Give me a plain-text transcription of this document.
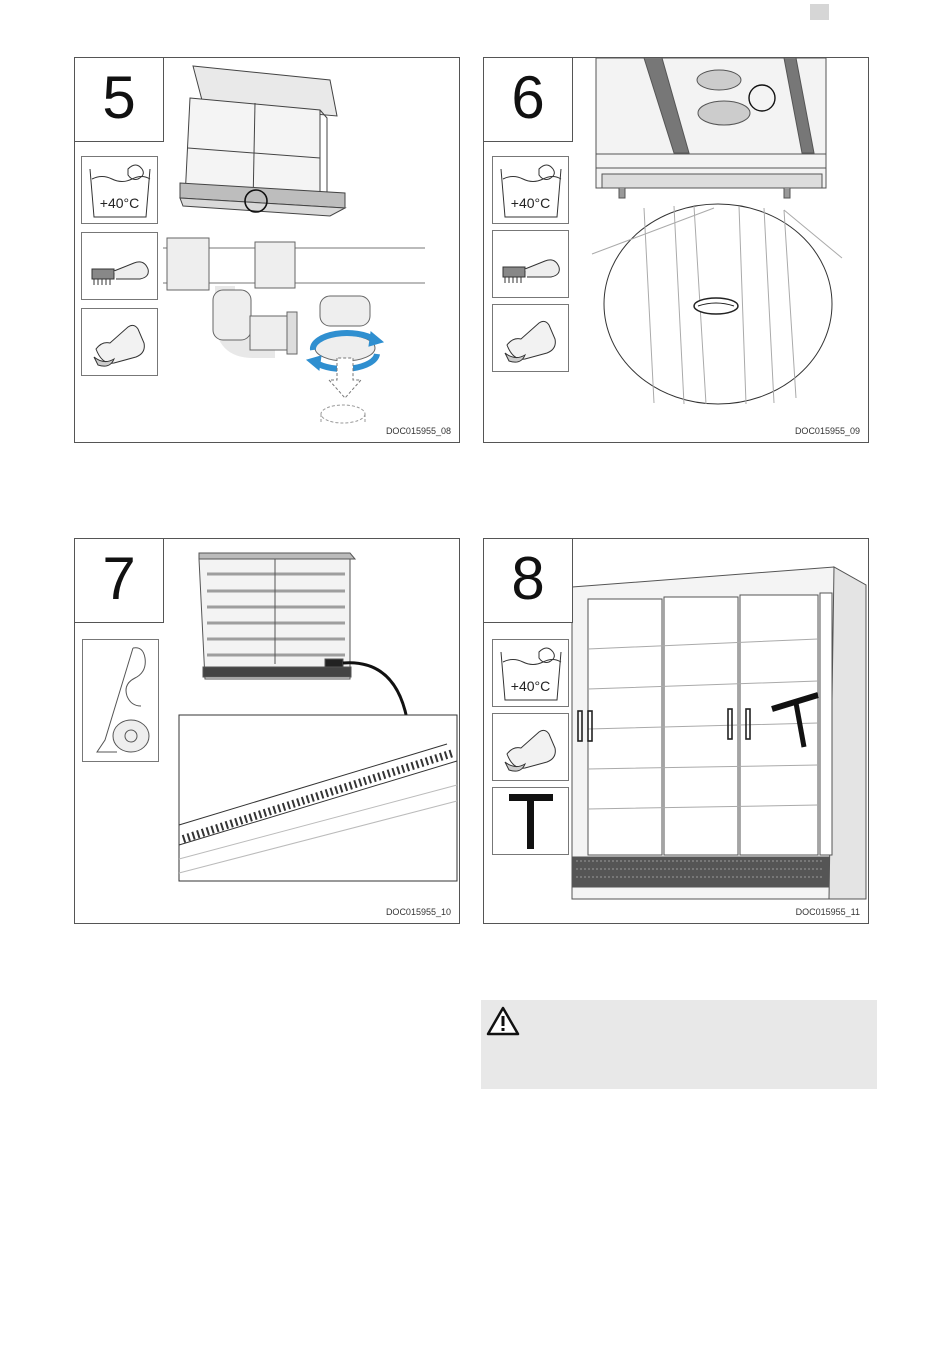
5
+40°C
DOC015955_08
6
+40°C
DOC015955_09
7
DOC015955_10
8
+40°C
DOC015955_11
